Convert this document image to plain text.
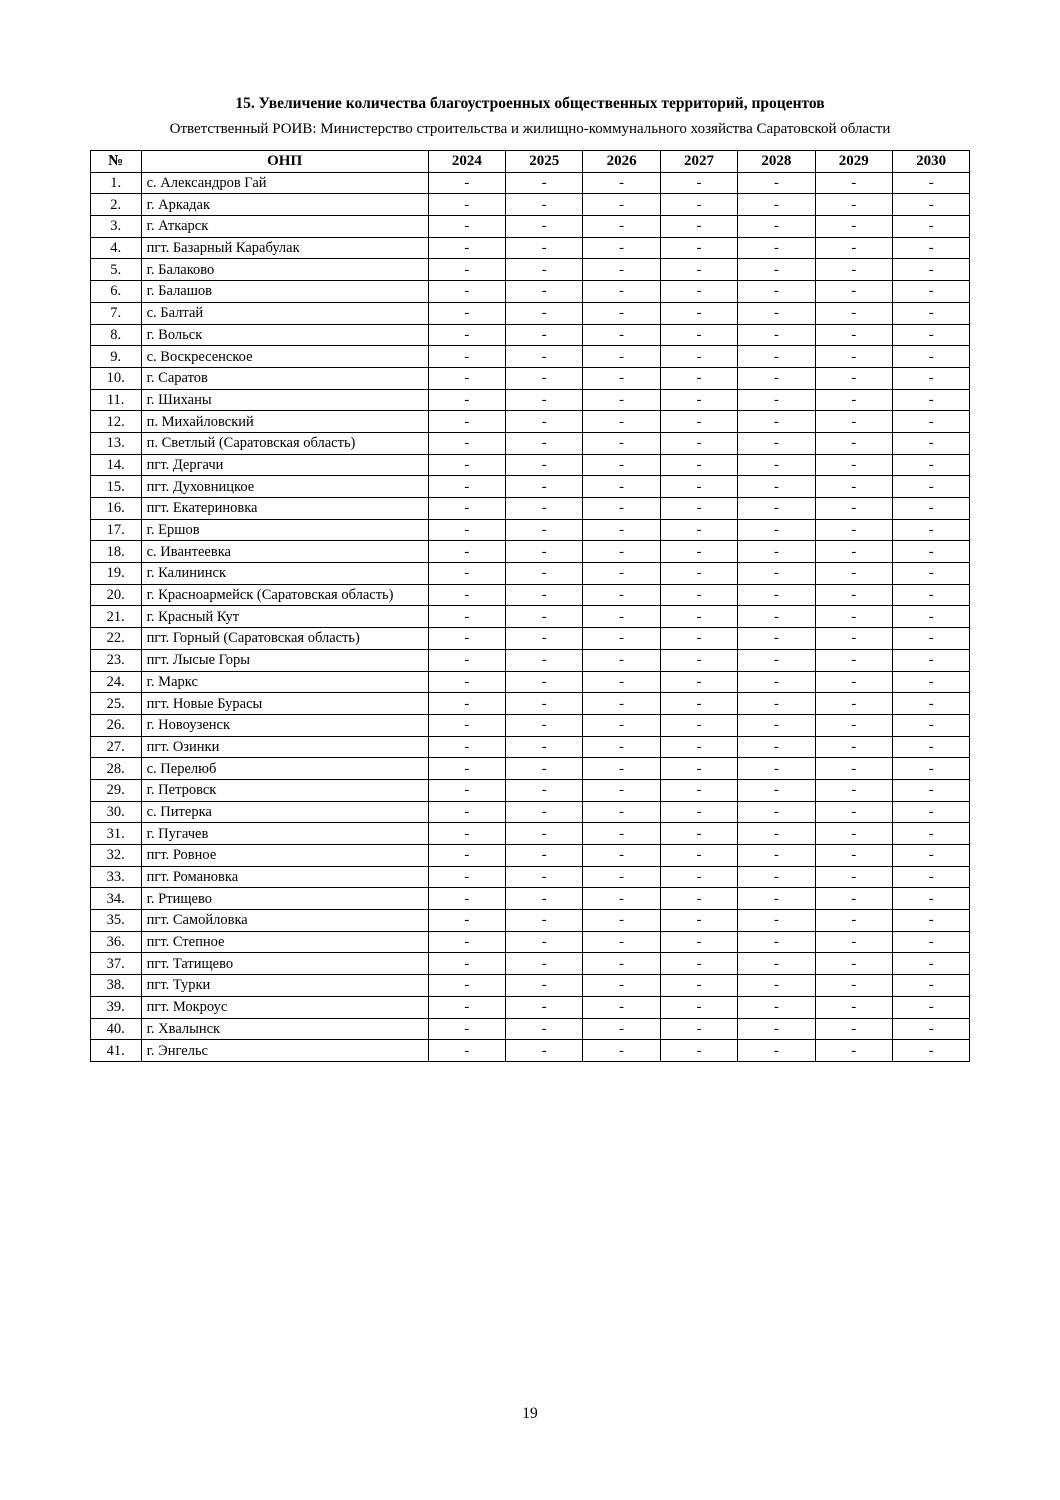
15. Увеличение количества благоустроенных общественных территорий, процентов
Ответственный РОИВ: Министерство строительства и жилищно-коммунального хозяйства Саратовской области
№	ОНП	2024	2025	2026	2027	2028	2029	2030
1.	с. Александров Гай	-	-	-	-	-	-	-
2.	г. Аркадак	-	-	-	-	-	-	-
3.	г. Аткарск	-	-	-	-	-	-	-
4.	пгт. Базарный Карабулак	-	-	-	-	-	-	-
5.	г. Балаково	-	-	-	-	-	-	-
6.	г. Балашов	-	-	-	-	-	-	-
7.	с. Балтай	-	-	-	-	-	-	-
8.	г. Вольск	-	-	-	-	-	-	-
9.	с. Воскресенское	-	-	-	-	-	-	-
10.	г. Саратов	-	-	-	-	-	-	-
11.	г. Шиханы	-	-	-	-	-	-	-
12.	п. Михайловский	-	-	-	-	-	-	-
13.	п. Светлый (Саратовская область)	-	-	-	-	-	-	-
14.	пгт. Дергачи	-	-	-	-	-	-	-
15.	пгт. Духовницкое	-	-	-	-	-	-	-
16.	пгт. Екатериновка	-	-	-	-	-	-	-
17.	г. Ершов	-	-	-	-	-	-	-
18.	с. Ивантеевка	-	-	-	-	-	-	-
19.	г. Калининск	-	-	-	-	-	-	-
20.	г. Красноармейск (Саратовская область)	-	-	-	-	-	-	-
21.	г. Красный Кут	-	-	-	-	-	-	-
22.	пгт. Горный (Саратовская область)	-	-	-	-	-	-	-
23.	пгт. Лысые Горы	-	-	-	-	-	-	-
24.	г. Маркс	-	-	-	-	-	-	-
25.	пгт. Новые Бурасы	-	-	-	-	-	-	-
26.	г. Новоузенск	-	-	-	-	-	-	-
27.	пгт. Озинки	-	-	-	-	-	-	-
28.	с. Перелюб	-	-	-	-	-	-	-
29.	г. Петровск	-	-	-	-	-	-	-
30.	с. Питерка	-	-	-	-	-	-	-
31.	г. Пугачев	-	-	-	-	-	-	-
32.	пгт. Ровное	-	-	-	-	-	-	-
33.	пгт. Романовка	-	-	-	-	-	-	-
34.	г. Ртищево	-	-	-	-	-	-	-
35.	пгт. Самойловка	-	-	-	-	-	-	-
36.	пгт. Степное	-	-	-	-	-	-	-
37.	пгт. Татищево	-	-	-	-	-	-	-
38.	пгт. Турки	-	-	-	-	-	-	-
39.	пгт. Мокроус	-	-	-	-	-	-	-
40.	г. Хвалынск	-	-	-	-	-	-	-
41.	г. Энгельс	-	-	-	-	-	-	-
19
